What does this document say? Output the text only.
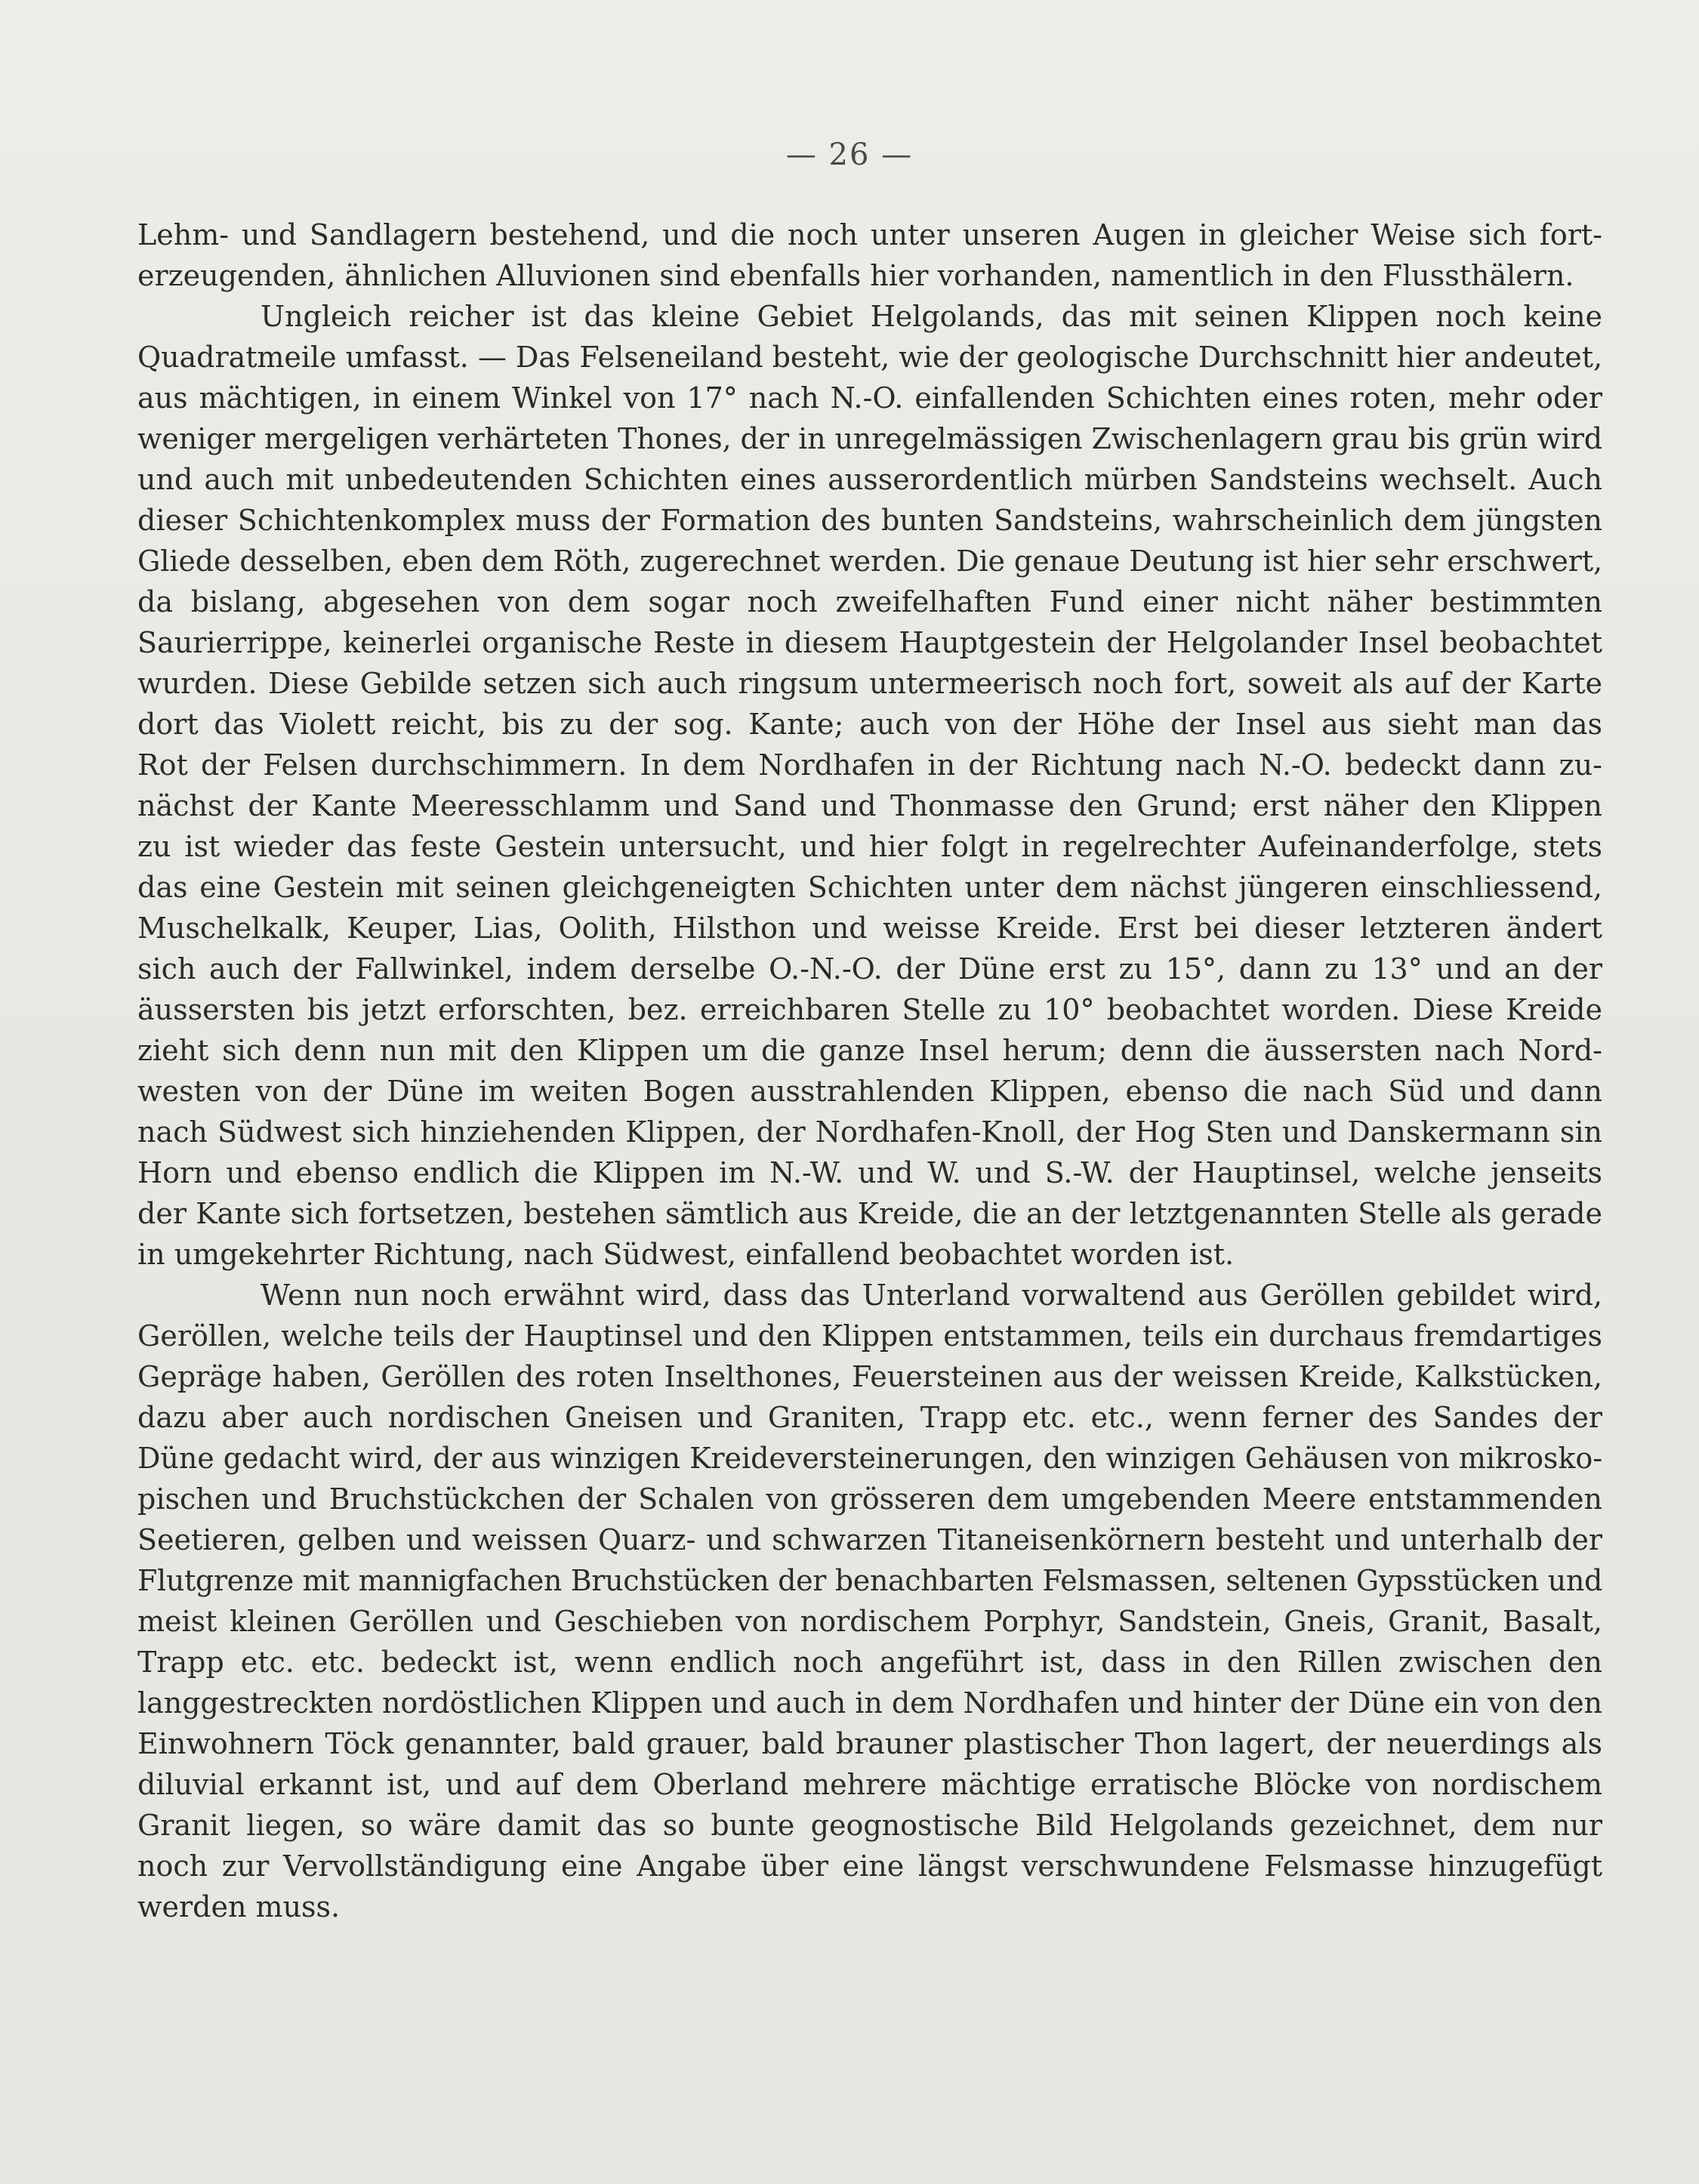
— 26 —
Lehm- und Sandlagern bestehend, und die noch unter unseren Augen in gleicher Weise sich fort-
erzeugenden, ähnlichen Alluvionen sind ebenfalls hier vorhanden, namentlich in den Flussthälern.
Ungleich reicher ist das kleine Gebiet Helgolands, das mit seinen Klippen noch keine
Quadratmeile umfasst. — Das Felseneiland besteht, wie der geologische Durchschnitt hier andeutet,
aus mächtigen, in einem Winkel von 17° nach N.-O. einfallenden Schichten eines roten, mehr oder
weniger mergeligen verhärteten Thones, der in unregelmässigen Zwischenlagern grau bis grün wird
und auch mit unbedeutenden Schichten eines ausserordentlich mürben Sandsteins wechselt. Auch
dieser Schichtenkomplex muss der Formation des bunten Sandsteins, wahrscheinlich dem jüngsten
Gliede desselben, eben dem Röth, zugerechnet werden. Die genaue Deutung ist hier sehr erschwert,
da bislang, abgesehen von dem sogar noch zweifelhaften Fund einer nicht näher bestimmten
Saurierrippe, keinerlei organische Reste in diesem Hauptgestein der Helgolander Insel beobachtet
wurden. Diese Gebilde setzen sich auch ringsum untermeerisch noch fort, soweit als auf der Karte
dort das Violett reicht, bis zu der sog. Kante; auch von der Höhe der Insel aus sieht man das
Rot der Felsen durchschimmern. In dem Nordhafen in der Richtung nach N.-O. bedeckt dann zu-
nächst der Kante Meeresschlamm und Sand und Thonmasse den Grund; erst näher den Klippen
zu ist wieder das feste Gestein untersucht, und hier folgt in regelrechter Aufeinanderfolge, stets
das eine Gestein mit seinen gleichgeneigten Schichten unter dem nächst jüngeren einschliessend,
Muschelkalk, Keuper, Lias, Oolith, Hilsthon und weisse Kreide. Erst bei dieser letzteren ändert
sich auch der Fallwinkel, indem derselbe O.-N.-O. der Düne erst zu 15°, dann zu 13° und an der
äussersten bis jetzt erforschten, bez. erreichbaren Stelle zu 10° beobachtet worden. Diese Kreide
zieht sich denn nun mit den Klippen um die ganze Insel herum; denn die äussersten nach Nord-
westen von der Düne im weiten Bogen ausstrahlenden Klippen, ebenso die nach Süd und dann
nach Südwest sich hinziehenden Klippen, der Nordhafen-Knoll, der Hog Sten und Danskermann sin
Horn und ebenso endlich die Klippen im N.-W. und W. und S.-W. der Hauptinsel, welche jenseits
der Kante sich fortsetzen, bestehen sämtlich aus Kreide, die an der letztgenannten Stelle als gerade
in umgekehrter Richtung, nach Südwest, einfallend beobachtet worden ist.
Wenn nun noch erwähnt wird, dass das Unterland vorwaltend aus Geröllen gebildet wird,
Geröllen, welche teils der Hauptinsel und den Klippen entstammen, teils ein durchaus fremdartiges
Gepräge haben, Geröllen des roten Inselthones, Feuersteinen aus der weissen Kreide, Kalkstücken,
dazu aber auch nordischen Gneisen und Graniten, Trapp etc. etc., wenn ferner des Sandes der
Düne gedacht wird, der aus winzigen Kreideversteinerungen, den winzigen Gehäusen von mikrosko-
pischen und Bruchstückchen der Schalen von grösseren dem umgebenden Meere entstammenden
Seetieren, gelben und weissen Quarz- und schwarzen Titaneisenkörnern besteht und unterhalb der
Flutgrenze mit mannigfachen Bruchstücken der benachbarten Felsmassen, seltenen Gypsstücken und
meist kleinen Geröllen und Geschieben von nordischem Porphyr, Sandstein, Gneis, Granit, Basalt,
Trapp etc. etc. bedeckt ist, wenn endlich noch angeführt ist, dass in den Rillen zwischen den
langgestreckten nordöstlichen Klippen und auch in dem Nordhafen und hinter der Düne ein von den
Einwohnern Töck genannter, bald grauer, bald brauner plastischer Thon lagert, der neuerdings als
diluvial erkannt ist, und auf dem Oberland mehrere mächtige erratische Blöcke von nordischem
Granit liegen, so wäre damit das so bunte geognostische Bild Helgolands gezeichnet, dem nur
noch zur Vervollständigung eine Angabe über eine längst verschwundene Felsmasse hinzugefügt
werden muss.
